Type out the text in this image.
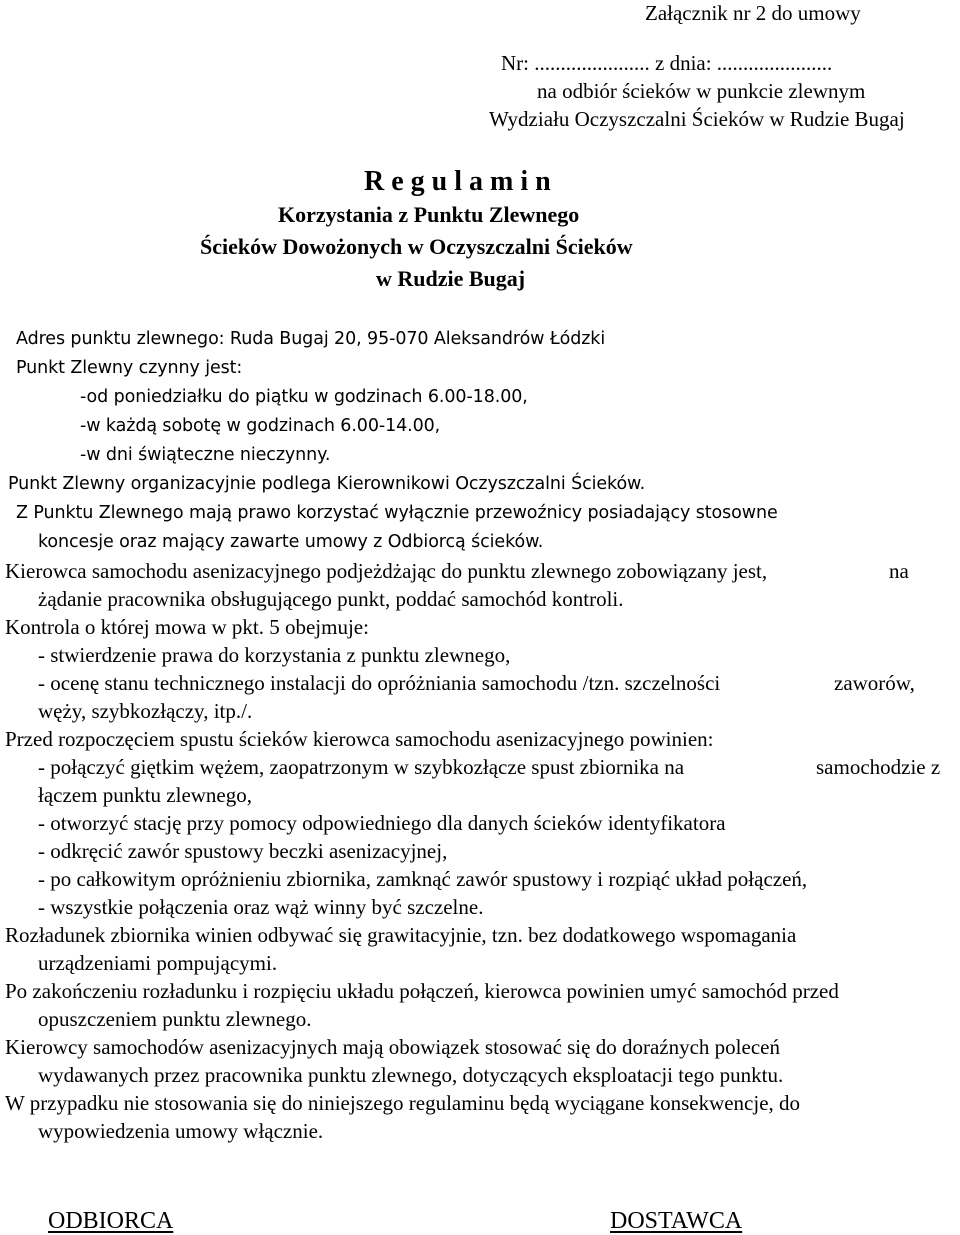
Załącznik nr 2 do umowy
Nr: ...................... z dnia: ......................
na odbiór ścieków w punkcie zlewnym
Wydziału Oczyszczalni Ścieków w Rudzie Bugaj
R e g u l a m i n
Korzystania z Punktu Zlewnego
Ścieków Dowożonych w Oczyszczalni Ścieków
w Rudzie Bugaj
Adres punktu zlewnego: Ruda Bugaj 20, 95-070 Aleksandrów Łódzki
Punkt Zlewny czynny jest:
-od poniedziałku do piątku w godzinach 6.00-18.00,
-w każdą sobotę w godzinach 6.00-14.00,
-w dni świąteczne nieczynny.
Punkt Zlewny organizacyjnie podlega Kierownikowi Oczyszczalni Ścieków.
Z Punktu Zlewnego mają prawo korzystać wyłącznie przewoźnicy posiadający stosowne
koncesje oraz mający zawarte umowy z Odbiorcą ścieków.
Kierowca samochodu asenizacyjnego podjeżdżając do punktu zlewnego zobowiązany jest,	na
żądanie pracownika obsługującego punkt, poddać samochód kontroli.
Kontrola o której mowa w pkt. 5 obejmuje:
- stwierdzenie prawa do korzystania z punktu zlewnego,
- ocenę stanu technicznego instalacji do opróżniania samochodu /tzn. szczelności	zaworów,
węży, szybkozłączy, itp./.
Przed rozpoczęciem spustu ścieków kierowca samochodu asenizacyjnego powinien:
- połączyć giętkim wężem, zaopatrzonym w szybkozłącze spust zbiornika na	samochodzie z
łączem punktu zlewnego,
- otworzyć stację przy pomocy odpowiedniego dla danych ścieków identyfikatora
- odkręcić zawór spustowy beczki asenizacyjnej,
- po całkowitym opróżnieniu zbiornika, zamknąć zawór spustowy i rozpiąć układ połączeń,
- wszystkie połączenia oraz wąż winny być szczelne.
Rozładunek zbiornika winien odbywać się grawitacyjnie, tzn. bez dodatkowego wspomagania
urządzeniami pompującymi.
Po zakończeniu rozładunku i rozpięciu układu połączeń, kierowca powinien umyć samochód przed
opuszczeniem punktu zlewnego.
Kierowcy samochodów asenizacyjnych mają obowiązek stosować się do doraźnych poleceń
wydawanych przez pracownika punktu zlewnego, dotyczących eksploatacji tego punktu.
W przypadku nie stosowania się do niniejszego regulaminu będą wyciągane konsekwencje, do
wypowiedzenia umowy włącznie.
ODBIORCA	DOSTAWCA
